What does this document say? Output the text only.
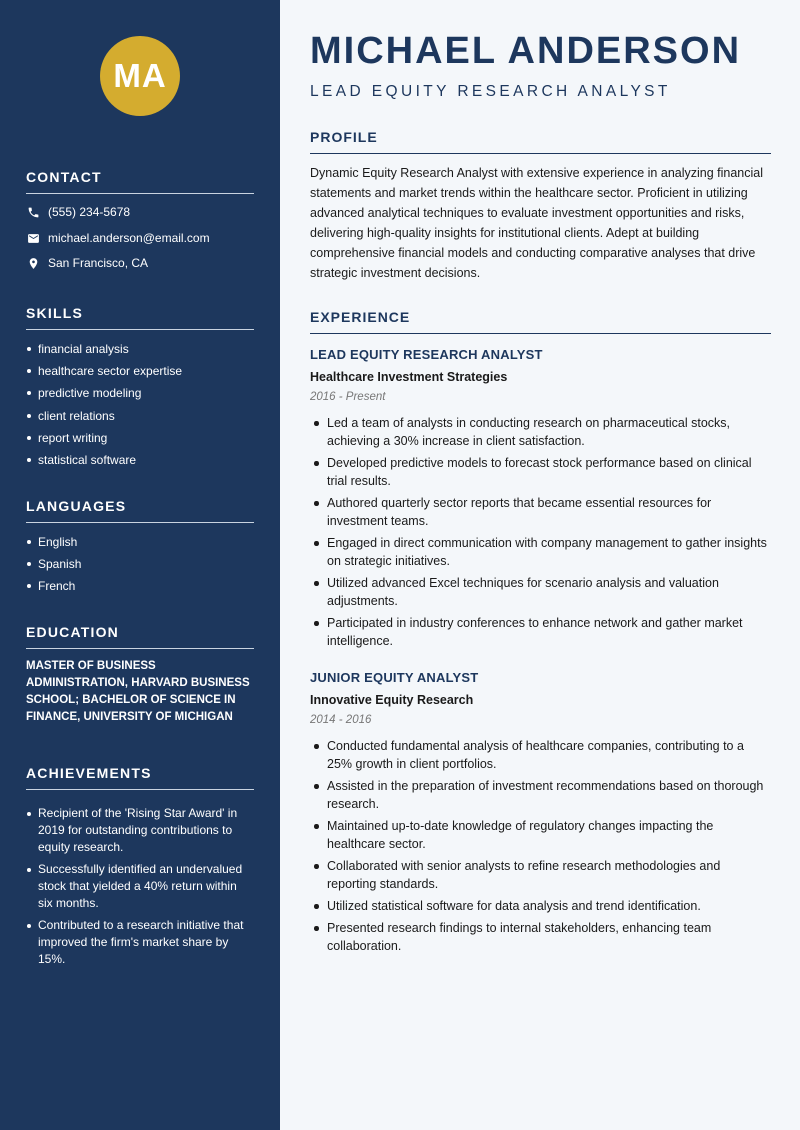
MA
CONTACT
(555) 234-5678
michael.anderson@email.com
San Francisco, CA
SKILLS
financial analysis
healthcare sector expertise
predictive modeling
client relations
report writing
statistical software
LANGUAGES
English
Spanish
French
EDUCATION
MASTER OF BUSINESS ADMINISTRATION, HARVARD BUSINESS SCHOOL; BACHELOR OF SCIENCE IN FINANCE, UNIVERSITY OF MICHIGAN
ACHIEVEMENTS
Recipient of the 'Rising Star Award' in 2019 for outstanding contributions to equity research.
Successfully identified an undervalued stock that yielded a 40% return within six months.
Contributed to a research initiative that improved the firm's market share by 15%.
MICHAEL ANDERSON
LEAD EQUITY RESEARCH ANALYST
PROFILE

Dynamic Equity Research Analyst with extensive experience in analyzing financial statements and market trends within the healthcare sector. Proficient in utilizing advanced analytical techniques to evaluate investment opportunities and risks, delivering high-quality insights for institutional clients. Adept at building comprehensive financial models and conducting comparative analyses that drive strategic investment decisions.

EXPERIENCE
LEAD EQUITY RESEARCH ANALYST
Healthcare Investment Strategies
2016 - Present
Led a team of analysts in conducting research on pharmaceutical stocks, achieving a 30% increase in client satisfaction.
Developed predictive models to forecast stock performance based on clinical trial results.
Authored quarterly sector reports that became essential resources for investment teams.
Engaged in direct communication with company management to gather insights on strategic initiatives.
Utilized advanced Excel techniques for scenario analysis and valuation adjustments.
Participated in industry conferences to enhance network and gather market intelligence.
JUNIOR EQUITY ANALYST
Innovative Equity Research
2014 - 2016
Conducted fundamental analysis of healthcare companies, contributing to a 25% growth in client portfolios.
Assisted in the preparation of investment recommendations based on thorough research.
Maintained up-to-date knowledge of regulatory changes impacting the healthcare sector.
Collaborated with senior analysts to refine research methodologies and reporting standards.
Utilized statistical software for data analysis and trend identification.
Presented research findings to internal stakeholders, enhancing team collaboration.
